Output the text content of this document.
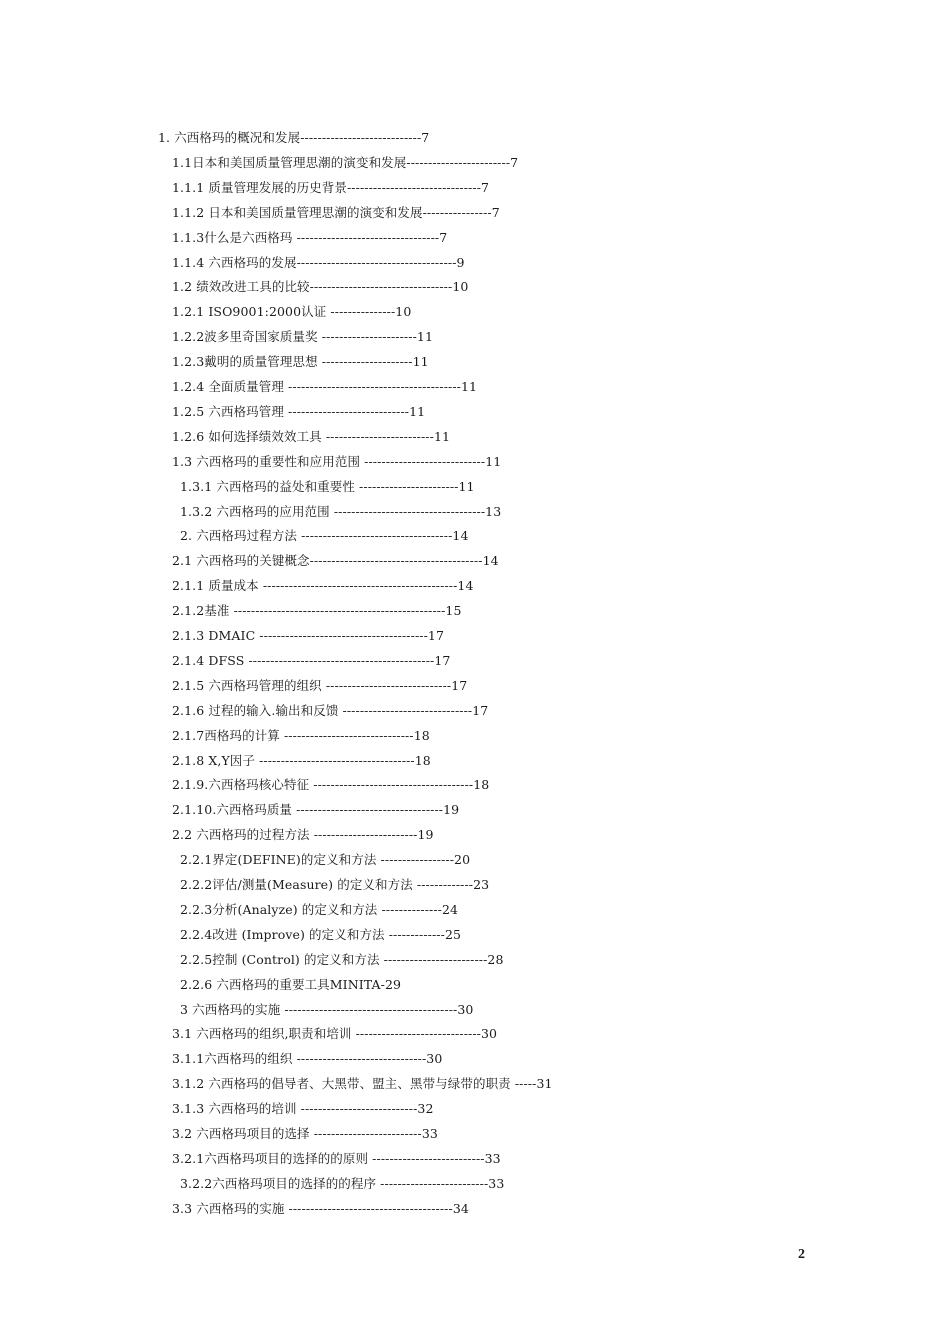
1. 六西格玛的概况和发展----------------------------7
1.1日本和美国质量管理思潮的演变和发展------------------------7
1.1.1 质量管理发展的历史背景-------------------------------7
1.1.2 日本和美国质量管理思潮的演变和发展----------------7
1.1.3什么是六西格玛 ---------------------------------7
1.1.4 六西格玛的发展-------------------------------------9
1.2 绩效改进工具的比较---------------------------------10
1.2.1 ISO9001:2000认证 ---------------10
1.2.2波多里奇国家质量奖 ----------------------11
1.2.3戴明的质量管理思想 ---------------------11
1.2.4 全面质量管理 ----------------------------------------11
1.2.5 六西格玛管理 ----------------------------11
1.2.6 如何选择绩效效工具 -------------------------11
1.3 六西格玛的重要性和应用范围 ----------------------------11
1.3.1 六西格玛的益处和重要性 -----------------------11
1.3.2 六西格玛的应用范围 -----------------------------------13
2. 六西格玛过程方法 -----------------------------------14
2.1 六西格玛的关键概念----------------------------------------14
2.1.1 质量成本 ---------------------------------------------14
2.1.2基准 -------------------------------------------------15
2.1.3 DMAIC ---------------------------------------17
2.1.4 DFSS -------------------------------------------17
2.1.5 六西格玛管理的组织 -----------------------------17
2.1.6 过程的输入.输出和反馈 ------------------------------17
2.1.7西格玛的计算 ------------------------------18
2.1.8 X,Y因子 ------------------------------------18
2.1.9.六西格玛核心特征 -------------------------------------18
2.1.10.六西格玛质量 ----------------------------------19
2.2 六西格玛的过程方法 ------------------------19
2.2.1界定(DEFINE)的定义和方法 -----------------20
2.2.2评估/测量(Measure) 的定义和方法 -------------23
2.2.3分析(Analyze) 的定义和方法 --------------24
2.2.4改进 (Improve) 的定义和方法 -------------25
2.2.5控制 (Control) 的定义和方法 ------------------------28
2.2.6 六西格玛的重要工具MINITA-29
3 六西格玛的实施 ----------------------------------------30
3.1 六西格玛的组织,职责和培训 -----------------------------30
3.1.1六西格玛的组织 ------------------------------30
3.1.2 六西格玛的倡导者、大黑带、盟主、黑带与绿带的职责 -----31
3.1.3 六西格玛的培训 ---------------------------32
3.2 六西格玛项目的选择 -------------------------33
3.2.1六西格玛项目的选择的的原则 --------------------------33
3.2.2六西格玛项目的选择的的程序 -------------------------33
3.3 六西格玛的实施 --------------------------------------34
2
